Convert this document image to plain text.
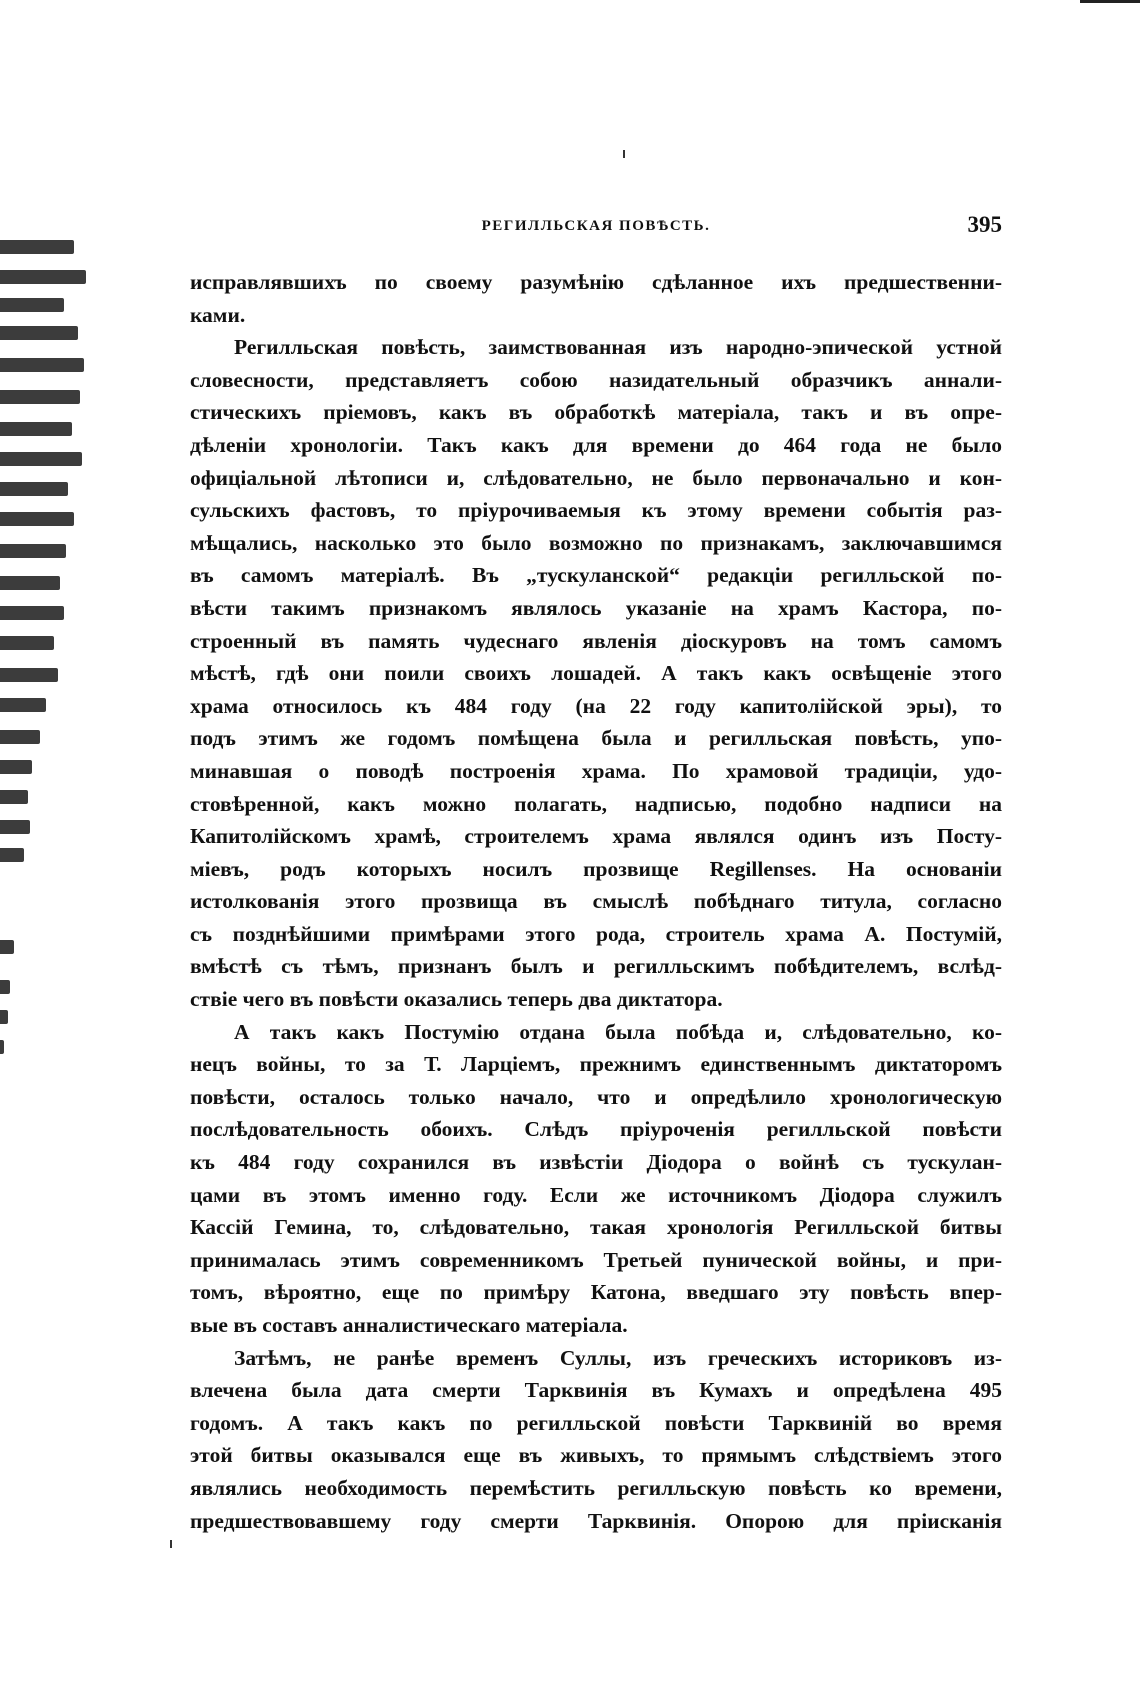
РЕГИЛЛЬСКАЯ ПОВѢСТЬ.	395
исправлявшихъ по своему разумѣнію сдѣланное ихъ предшественни-
ками.
Регилльская повѣсть, заимствованная изъ народно-эпической устной
словесности, представляетъ собою назидательный образчикъ аннали-
стическихъ пріемовъ, какъ въ обработкѣ матеріала, такъ и въ опре-
дѣленіи хронологіи. Такъ какъ для времени до 464 года не было
офиціальной лѣтописи и, слѣдовательно, не было первоначально и кон-
сульскихъ фастовъ, то пріурочиваемыя къ этому времени событія раз-
мѣщались, насколько это было возможно по признакамъ, заключавшимся
въ самомъ матеріалѣ. Въ „тускуланской“ редакціи регилльской по-
вѣсти такимъ признакомъ являлось указаніе на храмъ Кастора, по-
строенный въ память чудеснаго явленія діоскуровъ на томъ самомъ
мѣстѣ, гдѣ они поили своихъ лошадей. А такъ какъ освѣщеніе этого
храма относилось къ 484 году (на 22 году капитолійской эры), то
подъ этимъ же годомъ помѣщена была и регилльская повѣсть, упо-
минавшая о поводѣ построенія храма. По храмовой традиціи, удо-
стовѣренной, какъ можно полагать, надписью, подобно надписи на
Капитолійскомъ храмѣ, строителемъ храма являлся одинъ изъ Посту-
міевъ, родъ которыхъ носилъ прозвище Regillenses. На основаніи
истолкованія этого прозвища въ смыслѣ побѣднаго титула, согласно
съ позднѣйшими примѣрами этого рода, строитель храма А. Постумій,
вмѣстѣ съ тѣмъ, признанъ былъ и регилльскимъ побѣдителемъ, вслѣд-
ствіе чего въ повѣсти оказались теперь два диктатора.
А такъ какъ Постумію отдана была побѣда и, слѣдовательно, ко-
нецъ войны, то за Т. Ларціемъ, прежнимъ единственнымъ диктаторомъ
повѣсти, осталось только начало, что и опредѣлило хронологическую
послѣдовательность обоихъ. Слѣдъ пріуроченія регилльской повѣсти
къ 484 году сохранился въ извѣстіи Діодора о войнѣ съ тускулан-
цами въ этомъ именно году. Если же источникомъ Діодора служилъ
Кассій Гемина, то, слѣдовательно, такая хронологія Регилльской битвы
принималась этимъ современникомъ Третьей пунической войны, и при-
томъ, вѣроятно, еще по примѣру Катона, введшаго эту повѣсть впер-
вые въ составъ анналистическаго матеріала.
Затѣмъ, не ранѣе временъ Суллы, изъ греческихъ историковъ из-
влечена была дата смерти Тарквинія въ Кумахъ и опредѣлена 495
годомъ. А такъ какъ по регилльской повѣсти Тарквиній во время
этой битвы оказывался еще въ живыхъ, то прямымъ слѣдствіемъ этого
являлись необходимость перемѣстить регилльскую повѣсть ко времени,
предшествовавшему году смерти Тарквинія. Опорою для пріисканія
